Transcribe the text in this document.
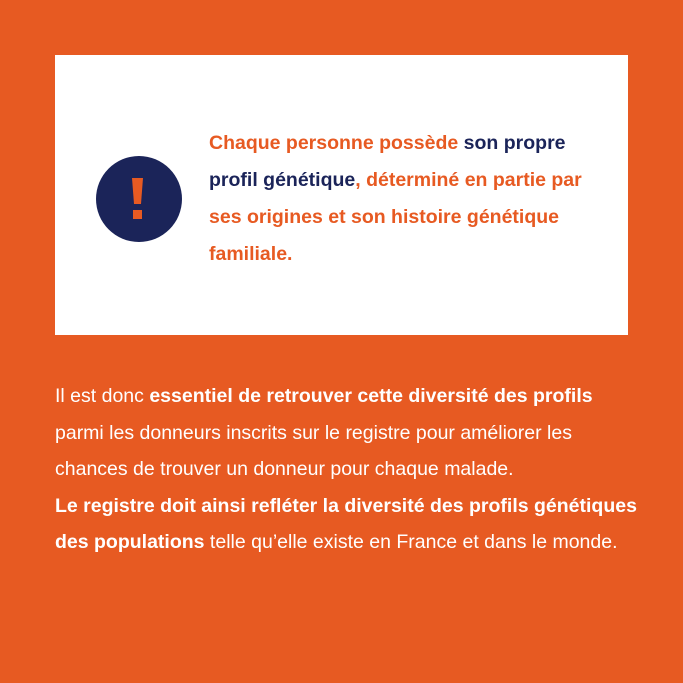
Chaque personne possède son propre profil génétique, déterminé en partie par ses origines et son histoire génétique familiale.
Il est donc essentiel de retrouver cette diversité des profils parmi les donneurs inscrits sur le registre pour améliorer les chances de trouver un donneur pour chaque malade.
Le registre doit ainsi refléter la diversité des profils génétiques des populations telle qu’elle existe en France et dans le monde.
